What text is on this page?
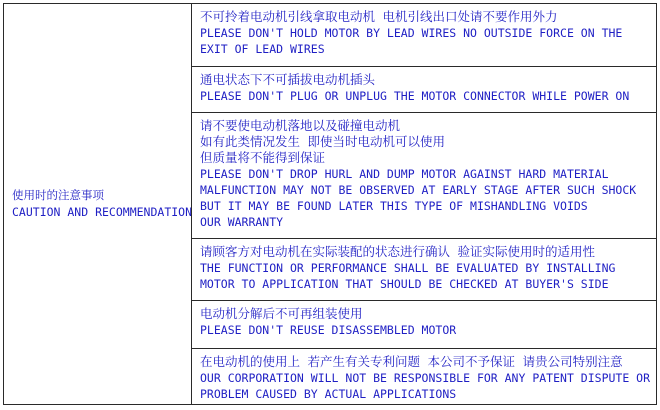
使用时的注意事项
CAUTION AND RECOMMENDATION
不可拎着电动机引线拿取电动机 电机引线出口处请不要作用外力
PLEASE DON'T HOLD MOTOR BY LEAD WIRES NO OUTSIDE FORCE ON THE
EXIT OF LEAD WIRES
通电状态下不可插拔电动机插头
PLEASE DON'T PLUG OR UNPLUG THE MOTOR CONNECTOR WHILE POWER ON
请不要使电动机落地以及碰撞电动机
如有此类情况发生 即使当时电动机可以使用
但质量将不能得到保证
PLEASE DON'T DROP HURL AND DUMP MOTOR AGAINST HARD MATERIAL
MALFUNCTION MAY NOT BE OBSERVED AT EARLY STAGE AFTER SUCH SHOCK
BUT IT MAY BE FOUND LATER THIS TYPE OF MISHANDLING VOIDS
OUR WARRANTY
请顾客方对电动机在实际装配的状态进行确认 验证实际使用时的适用性
THE FUNCTION OR PERFORMANCE SHALL BE EVALUATED BY INSTALLING
MOTOR TO APPLICATION THAT SHOULD BE CHECKED AT BUYER'S SIDE
电动机分解后不可再组装使用
PLEASE DON'T REUSE DISASSEMBLED MOTOR
在电动机的使用上 若产生有关专利问题 本公司不予保证 请贵公司特别注意
OUR CORPORATION WILL NOT BE RESPONSIBLE FOR ANY PATENT DISPUTE OR
PROBLEM CAUSED BY ACTUAL APPLICATIONS
